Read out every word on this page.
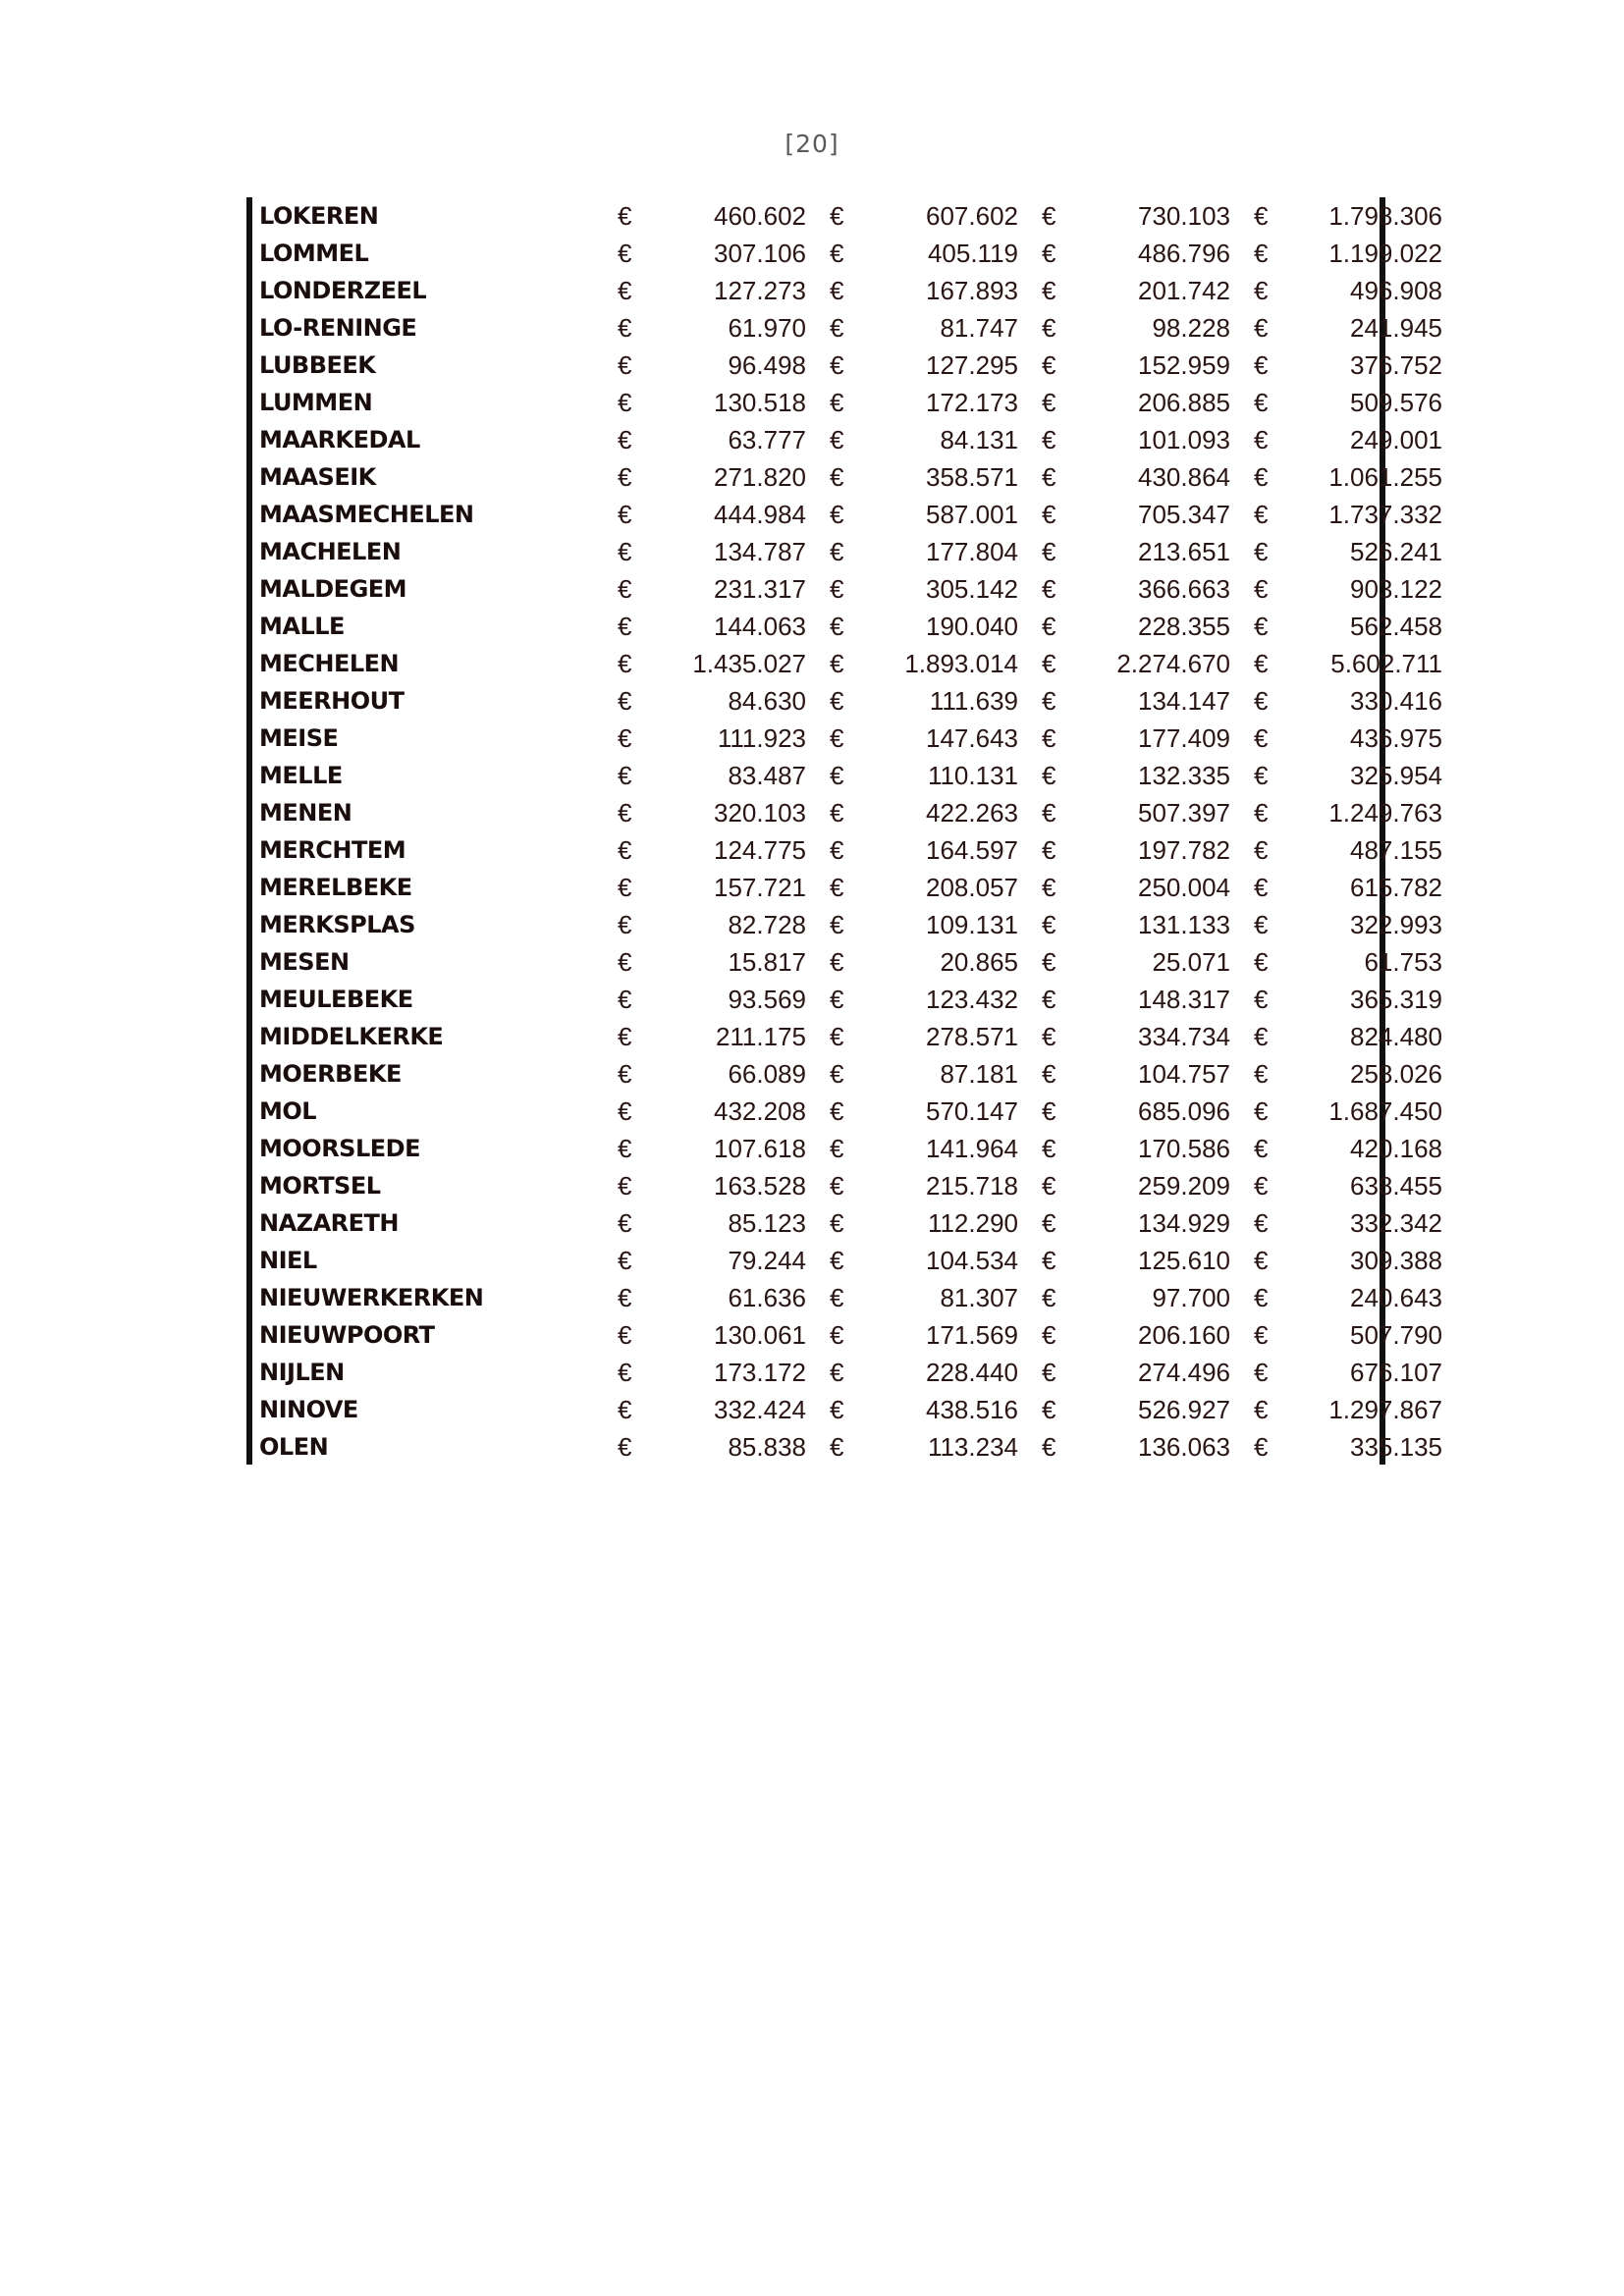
[20]
LOKEREN	€	460.602	€	607.602	€	730.103	€	1.798.306
LOMMEL	€	307.106	€	405.119	€	486.796	€	1.199.022
LONDERZEEL	€	127.273	€	167.893	€	201.742	€	496.908
LO-RENINGE	€	61.970	€	81.747	€	98.228	€	241.945
LUBBEEK	€	96.498	€	127.295	€	152.959	€	376.752
LUMMEN	€	130.518	€	172.173	€	206.885	€	509.576
MAARKEDAL	€	63.777	€	84.131	€	101.093	€	249.001
MAASEIK	€	271.820	€	358.571	€	430.864	€	1.061.255
MAASMECHELEN	€	444.984	€	587.001	€	705.347	€	1.737.332
MACHELEN	€	134.787	€	177.804	€	213.651	€	526.241
MALDEGEM	€	231.317	€	305.142	€	366.663	€	903.122
MALLE	€	144.063	€	190.040	€	228.355	€	562.458
MECHELEN	€	1.435.027	€	1.893.014	€	2.274.670	€	5.602.711
MEERHOUT	€	84.630	€	111.639	€	134.147	€	330.416
MEISE	€	111.923	€	147.643	€	177.409	€	436.975
MELLE	€	83.487	€	110.131	€	132.335	€	325.954
MENEN	€	320.103	€	422.263	€	507.397	€	1.249.763
MERCHTEM	€	124.775	€	164.597	€	197.782	€	487.155
MERELBEKE	€	157.721	€	208.057	€	250.004	€	615.782
MERKSPLAS	€	82.728	€	109.131	€	131.133	€	322.993
MESEN	€	15.817	€	20.865	€	25.071	€	61.753
MEULEBEKE	€	93.569	€	123.432	€	148.317	€	365.319
MIDDELKERKE	€	211.175	€	278.571	€	334.734	€	824.480
MOERBEKE	€	66.089	€	87.181	€	104.757	€	258.026
MOL	€	432.208	€	570.147	€	685.096	€	1.687.450
MOORSLEDE	€	107.618	€	141.964	€	170.586	€	420.168
MORTSEL	€	163.528	€	215.718	€	259.209	€	638.455
NAZARETH	€	85.123	€	112.290	€	134.929	€	332.342
NIEL	€	79.244	€	104.534	€	125.610	€	309.388
NIEUWERKERKEN	€	61.636	€	81.307	€	97.700	€	240.643
NIEUWPOORT	€	130.061	€	171.569	€	206.160	€	507.790
NIJLEN	€	173.172	€	228.440	€	274.496	€	676.107
NINOVE	€	332.424	€	438.516	€	526.927	€	1.297.867
OLEN	€	85.838	€	113.234	€	136.063	€	335.135
